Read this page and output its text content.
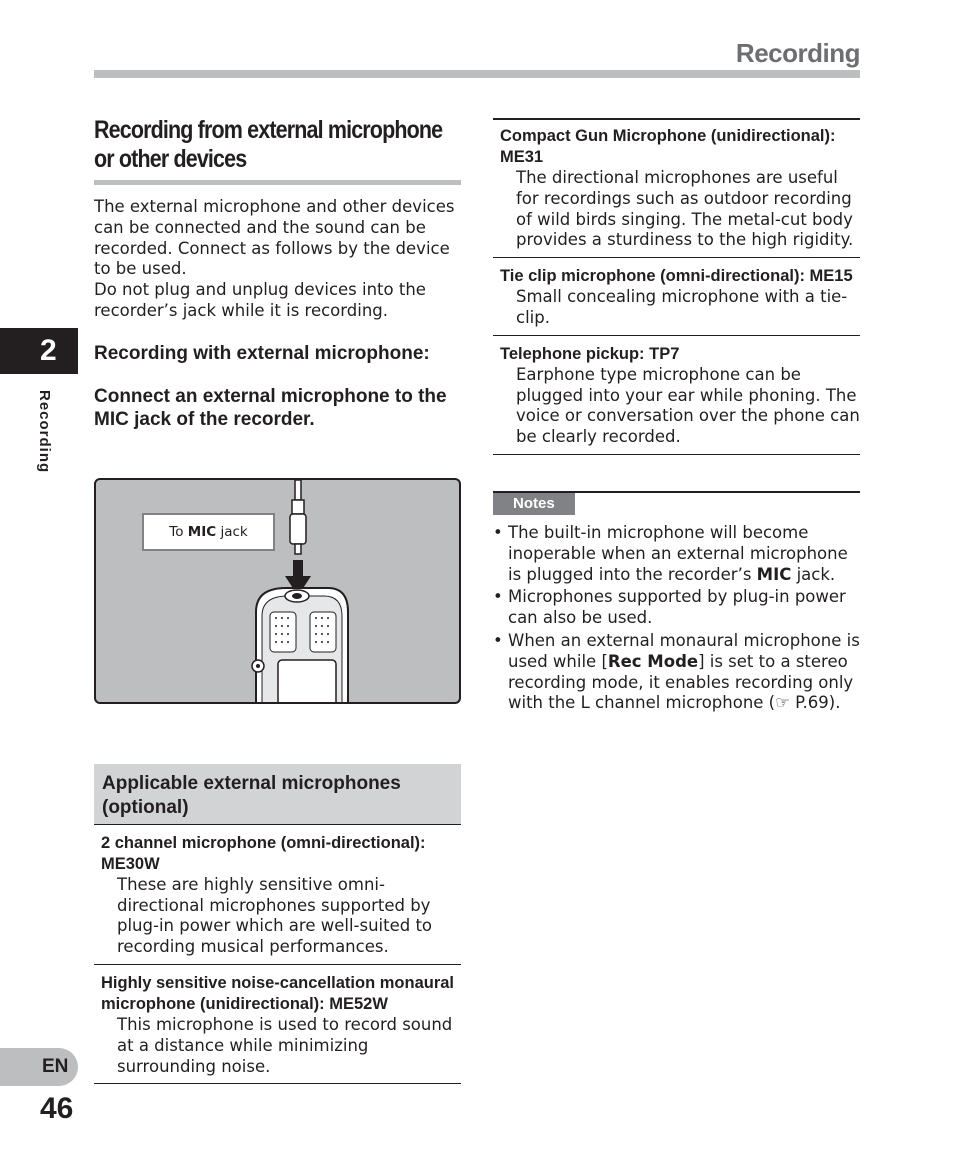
Recording
2
Recording
EN
46
Recording from external microphone
or other devices

The external microphone and other devices can be connected and the sound can be recorded. Connect as follows by the device to be used.

Do not plug and unplug devices into the recorder’s jack while it is recording.

Recording with external microphone:
Connect an external microphone to the MIC jack of the recorder.
To MIC jack
Applicable external microphones (optional)
2 channel microphone (omni-directional): ME30W
These are highly sensitive omni-directional microphones supported by plug-in power which are well-suited to recording musical performances.
Highly sensitive noise-cancellation monaural microphone (unidirectional): ME52W
This microphone is used to record sound at a distance while minimizing surrounding noise.
Compact Gun Microphone (unidirectional): ME31
The directional microphones are useful for recordings such as outdoor recording of wild birds singing. The metal-cut body provides a sturdiness to the high rigidity.
Tie clip microphone (omni-directional): ME15
Small concealing microphone with a tie-clip.
Telephone pickup: TP7
Earphone type microphone can be plugged into your ear while phoning. The voice or conversation over the phone can be clearly recorded.
Notes
• The built-in microphone will become inoperable when an external microphone is plugged into the recorder’s MIC jack.
• Microphones supported by plug-in power can also be used.
• When an external monaural microphone is used while [Rec Mode] is set to a stereo recording mode, it enables recording only with the L channel microphone (☞ P.69).
